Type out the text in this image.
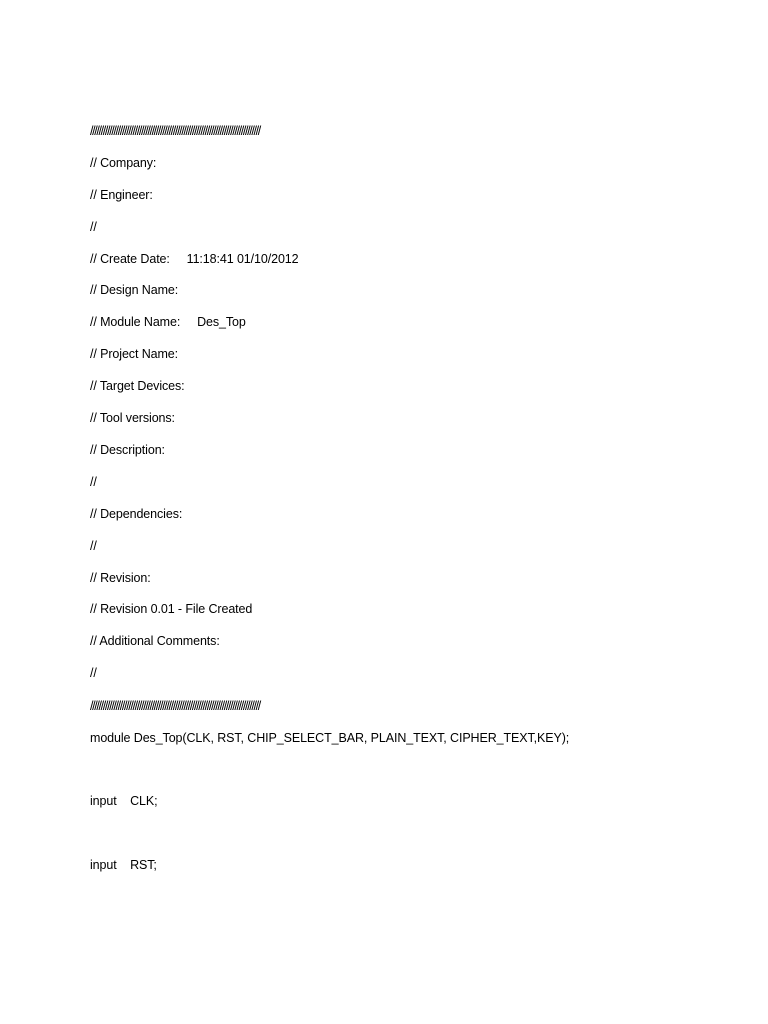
////////////////////////////////////////////////////////////////////////////////
// Company:
// Engineer:
//
// Create Date:     11:18:41 01/10/2012
// Design Name:
// Module Name:     Des_Top
// Project Name:
// Target Devices:
// Tool versions:
// Description:
//
// Dependencies:
//
// Revision:
// Revision 0.01 - File Created
// Additional Comments:
//
////////////////////////////////////////////////////////////////////////////////
module Des_Top(CLK, RST, CHIP_SELECT_BAR, PLAIN_TEXT, CIPHER_TEXT,KEY);
input    CLK;
input    RST;
